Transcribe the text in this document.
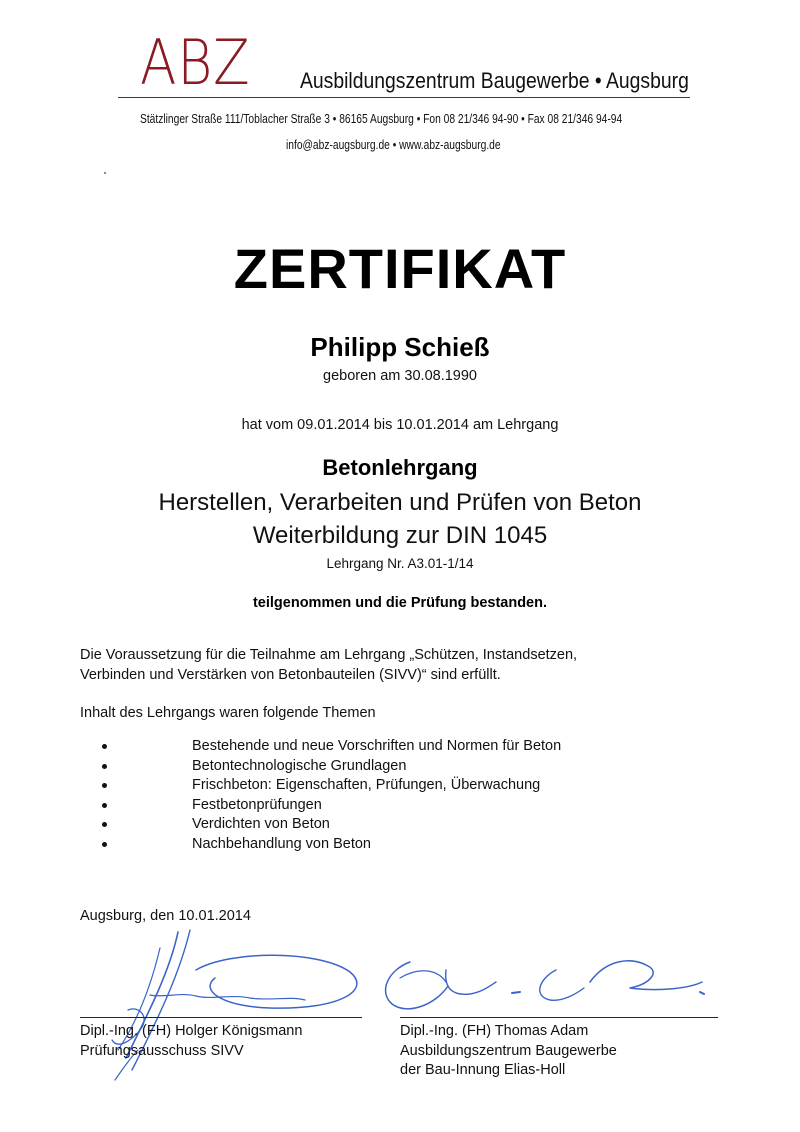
ABZ Ausbildungszentrum Baugewerbe • Augsburg
Stätzlinger Straße 111/Toblacher Straße 3 • 86165 Augsburg • Fon 08 21/346 94-90 • Fax 08 21/346 94-94
info@abz-augsburg.de • www.abz-augsburg.de
ZERTIFIKAT
Philipp Schieß
geboren am 30.08.1990
hat vom 09.01.2014 bis 10.01.2014 am Lehrgang
Betonlehrgang
Herstellen, Verarbeiten und Prüfen von Beton
Weiterbildung zur DIN 1045
Lehrgang Nr. A3.01-1/14
teilgenommen und die Prüfung bestanden.
Die Voraussetzung für die Teilnahme am Lehrgang „Schützen, Instandsetzen,
Verbinden und Verstärken von Betonbauteilen (SIVV)“ sind erfüllt.
Inhalt des Lehrgangs waren folgende Themen
Bestehende und neue Vorschriften und Normen für Beton
Betontechnologische Grundlagen
Frischbeton: Eigenschaften, Prüfungen, Überwachung
Festbetonprüfungen
Verdichten von Beton
Nachbehandlung von Beton
Augsburg, den 10.01.2014
Dipl.-Ing. (FH) Holger Königsmann
Prüfungsausschuss SIVV
Dipl.-Ing. (FH) Thomas Adam
Ausbildungszentrum Baugewerbe
der Bau-Innung Elias-Holl
